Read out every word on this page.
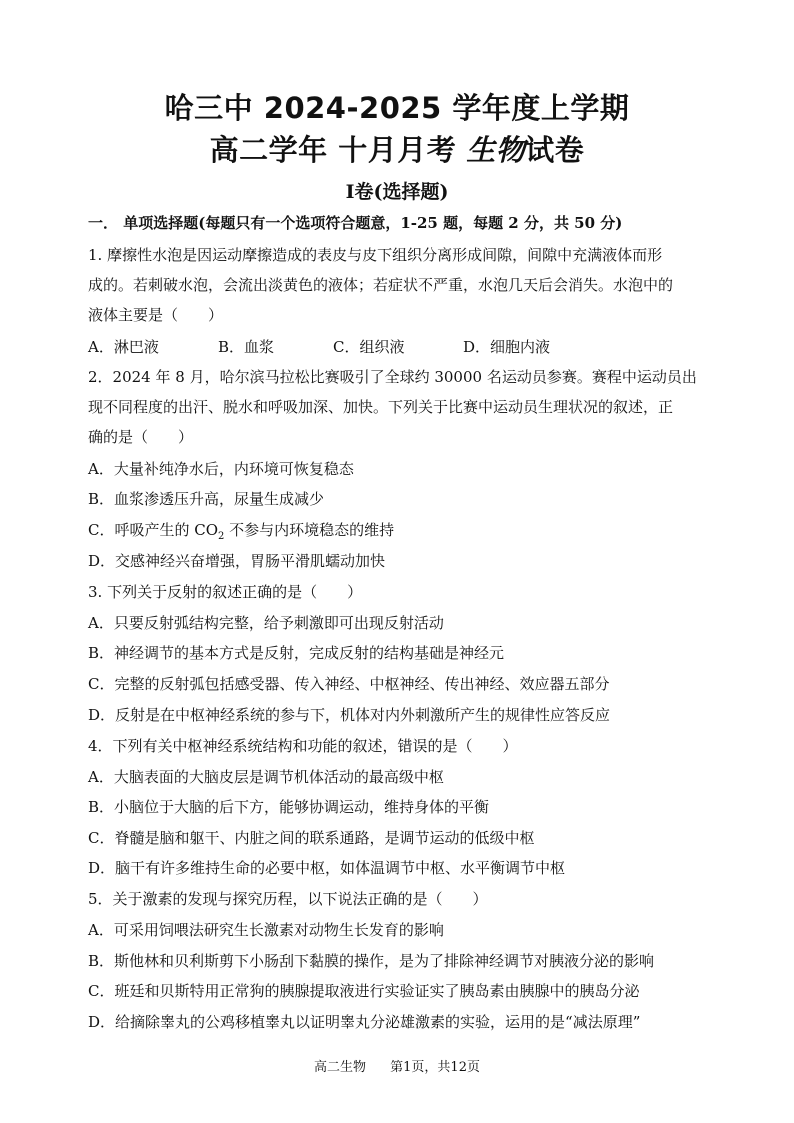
哈三中 2024-2025 学年度上学期
高二学年 十月月考 生物试卷
Ⅰ卷(选择题)
一． 单项选择题(每题只有一个选项符合题意，1-25 题，每题 2 分，共 50 分)
1. 摩擦性水泡是因运动摩擦造成的表皮与皮下组织分离形成间隙，间隙中充满液体而形
成的。若刺破水泡，会流出淡黄色的液体；若症状不严重，水泡几天后会消失。水泡中的
液体主要是（　　）
A．淋巴液	B．血浆	C．组织液	D．细胞内液
2．2024 年 8 月，哈尔滨马拉松比赛吸引了全球约 30000 名运动员参赛。赛程中运动员出
现不同程度的出汗、脱水和呼吸加深、加快。下列关于比赛中运动员生理状况的叙述，正
确的是（　　）
A．大量补纯净水后，内环境可恢复稳态
B．血浆渗透压升高，尿量生成减少
C．呼吸产生的 $CO_2$ 不参与内环境稳态的维持
D．交感神经兴奋增强，胃肠平滑肌蠕动加快
3. 下列关于反射的叙述正确的是（　　）
A．只要反射弧结构完整，给予刺激即可出现反射活动
B．神经调节的基本方式是反射，完成反射的结构基础是神经元
C．完整的反射弧包括感受器、传入神经、中枢神经、传出神经、效应器五部分
D．反射是在中枢神经系统的参与下，机体对内外刺激所产生的规律性应答反应
4．下列有关中枢神经系统结构和功能的叙述，错误的是（　　）
A．大脑表面的大脑皮层是调节机体活动的最高级中枢
B．小脑位于大脑的后下方，能够协调运动，维持身体的平衡
C．脊髓是脑和躯干、内脏之间的联系通路，是调节运动的低级中枢
D．脑干有许多维持生命的必要中枢，如体温调节中枢、水平衡调节中枢
5．关于激素的发现与探究历程，以下说法正确的是（　　）
A．可采用饲喂法研究生长激素对动物生长发育的影响
B．斯他林和贝利斯剪下小肠刮下黏膜的操作，是为了排除神经调节对胰液分泌的影响
C．班廷和贝斯特用正常狗的胰腺提取液进行实验证实了胰岛素由胰腺中的胰岛分泌
D．给摘除睾丸的公鸡移植睾丸以证明睾丸分泌雄激素的实验，运用的是“减法原理”
高二生物 第1页，共12页
